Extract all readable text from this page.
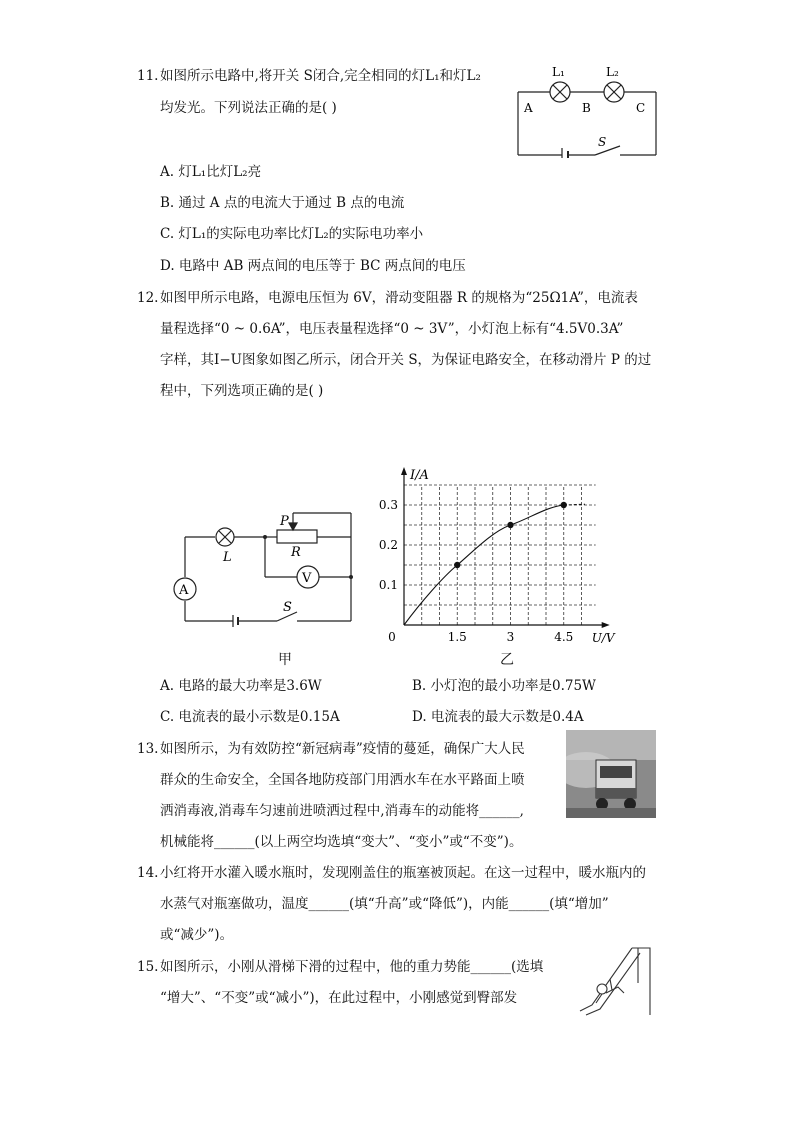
11. 如图所示电路中,将开关 S闭合,完全相同的灯L₁和灯L₂
均发光。下列说法正确的是( )
L₁	L₂
A	B	C
S
A. 灯L₁比灯L₂亮
B. 通过 A 点的电流大于通过 B 点的电流
C. 灯L₁的实际电功率比灯L₂的实际电功率小
D. 电路中 AB 两点间的电压等于 BC 两点间的电压
12. 如图甲所示电路，电源电压恒为 6V，滑动变阻器 R 的规格为“25Ω1A”，电流表
量程选择“0 ~ 0.6A”，电压表量程选择“0 ~ 3V”，小灯泡上标有“4.5V0.3A”
字样，其I−U图象如图乙所示，闭合开关 S，为保证电路安全，在移动滑片 P 的过
程中，下列选项正确的是( )
P
R
L
V
A
S
甲
0	1.5	3	4.5
0.1
0.2
0.3
U/V
I/A
乙
A. 电路的最大功率是3.6W	B. 小灯泡的最小功率是0.75W
C. 电流表的最小示数是0.15A	D. 电流表的最大示数是0.4A
13. 如图所示，为有效防控“新冠病毒”疫情的蔓延，确保广大人民
群众的生命安全，全国各地防疫部门用洒水车在水平路面上喷
洒消毒液,消毒车匀速前进喷洒过程中,消毒车的动能将______,
机械能将______(以上两空均选填“变大”、“变小”或“不变”)。
14. 小红将开水灌入暖水瓶时，发现刚盖住的瓶塞被顶起。在这一过程中，暖水瓶内的
水蒸气对瓶塞做功，温度______(填“升高”或“降低”)，内能______(填“增加”
或“减少”)。
15. 如图所示，小刚从滑梯下滑的过程中，他的重力势能______(选填
“增大”、“不变”或“减小”)，在此过程中，小刚感觉到臀部发
